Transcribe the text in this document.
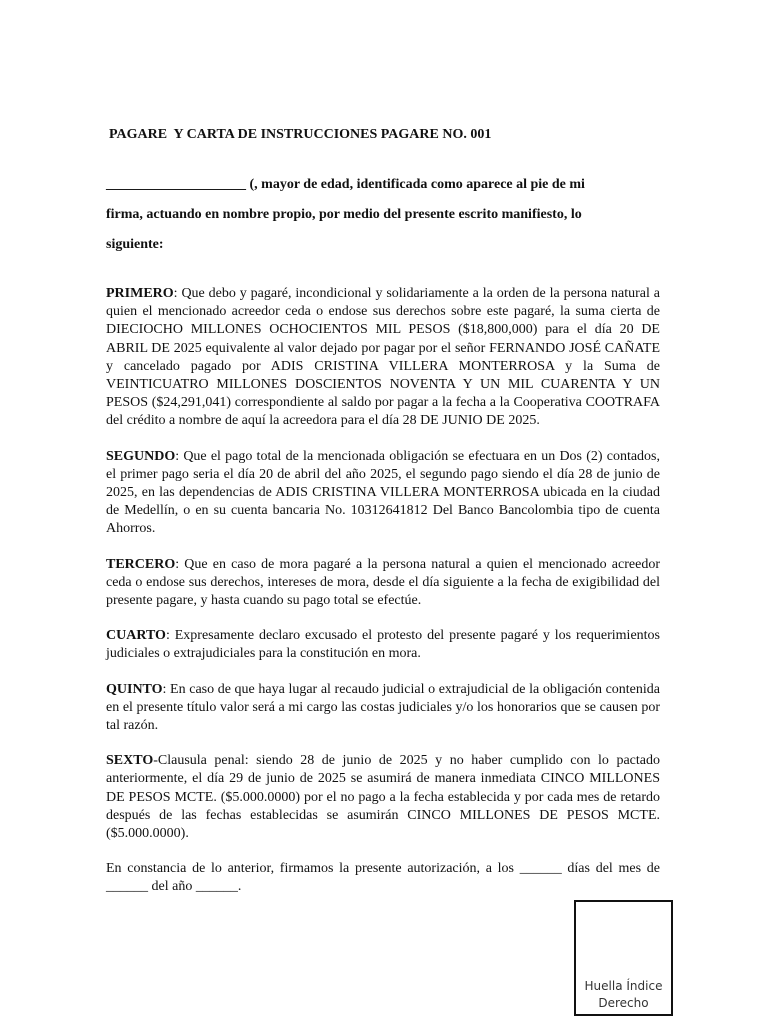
PAGARE  Y CARTA DE INSTRUCCIONES PAGARE NO. 001
____________________ (, mayor de edad, identificada como aparece al pie de mi
firma, actuando en nombre propio, por medio del presente escrito manifiesto, lo
siguiente:

PRIMERO: Que debo y pagaré, incondicional y solidariamente a la orden de la persona natural a quien el mencionado acreedor ceda o endose sus derechos sobre este pagaré, la suma cierta de DIECIOCHO MILLONES OCHOCIENTOS MIL PESOS ($18,800,000) para el día 20 DE ABRIL DE 2025 equivalente al valor dejado por pagar por el señor FERNANDO JOSÉ CAÑATE y cancelado pagado por ADIS CRISTINA VILLERA MONTERROSA y la Suma de VEINTICUATRO MILLONES DOSCIENTOS NOVENTA Y UN MIL CUARENTA Y UN PESOS ($24,291,041) correspondiente al saldo por pagar a la fecha a la Cooperativa COOTRAFA del crédito a nombre de aquí la acreedora para el día 28 DE JUNIO DE 2025.

SEGUNDO: Que el pago total de la mencionada obligación se efectuara en un Dos (2) contados, el primer pago seria el día 20 de abril del año 2025, el segundo pago siendo el día 28 de junio de 2025, en las dependencias de ADIS CRISTINA VILLERA MONTERROSA ubicada en la ciudad de Medellín, o en su cuenta bancaria No. 10312641812 Del Banco Bancolombia tipo de cuenta Ahorros.

TERCERO: Que en caso de mora pagaré a la persona natural a quien el mencionado acreedor ceda o endose sus derechos, intereses de mora, desde el día siguiente a la fecha de exigibilidad del presente pagare, y hasta cuando su pago total se efectúe.

CUARTO: Expresamente declaro excusado el protesto del presente pagaré y los requerimientos judiciales o extrajudiciales para la constitución en mora.

QUINTO: En caso de que haya lugar al recaudo judicial o extrajudicial de la obligación contenida en el presente título valor será a mi cargo las costas judiciales y/o los honorarios que se causen por tal razón.

SEXTO-Clausula penal: siendo 28 de junio de 2025 y no haber cumplido con lo pactado anteriormente, el día 29 de junio de 2025 se asumirá de manera inmediata CINCO MILLONES DE PESOS MCTE. ($5.000.0000) por el no pago a la fecha establecida y por cada mes de retardo después de las fechas establecidas se asumirán CINCO MILLONES DE PESOS MCTE. ($5.000.0000).

En constancia de lo anterior, firmamos la presente autorización, a los ______ días del mes de ______ del año ______.

Huella Índice
Derecho
